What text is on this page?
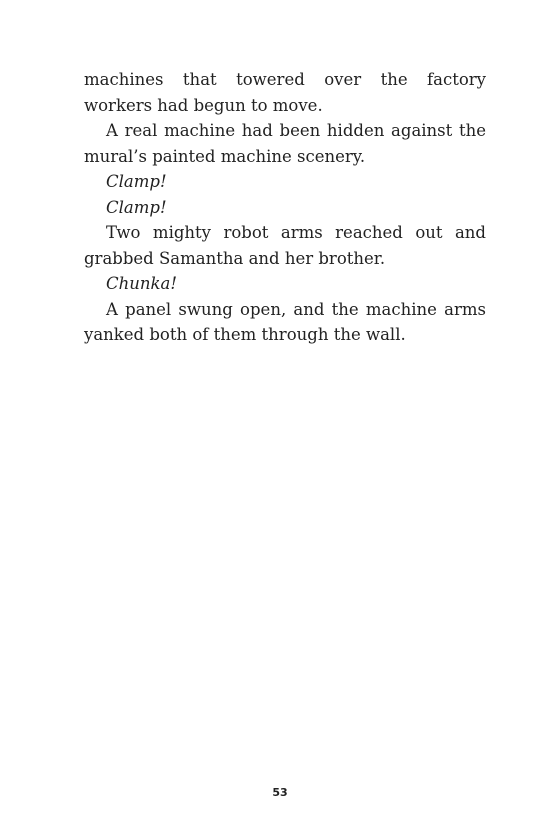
machines that towered over the factory workers had begun to move.

A real machine had been hidden against the mural’s painted machine scenery.

Clamp!

Clamp!

Two mighty robot arms reached out and grabbed Samantha and her brother.

Chunka!

A panel swung open, and the machine arms yanked both of them through the wall.

53
